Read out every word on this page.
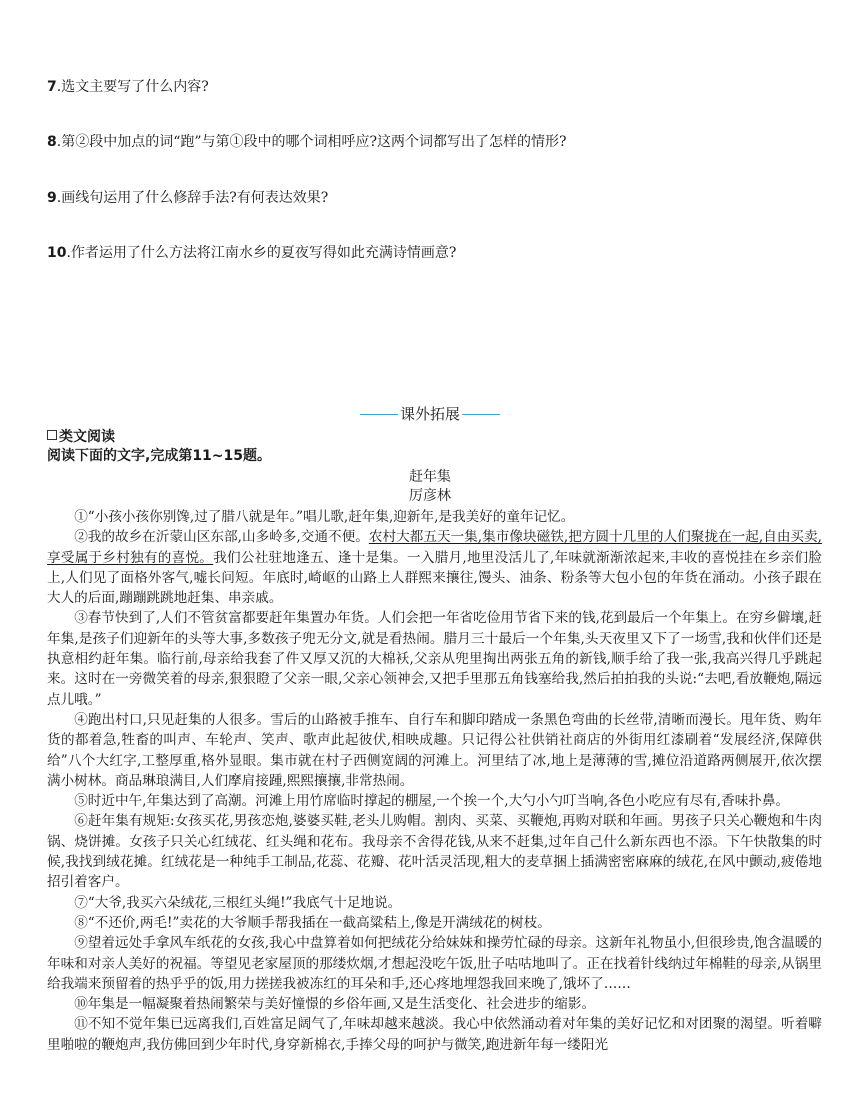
7.选文主要写了什么内容?
8.第②段中加点的词“跑”与第①段中的哪个词相呼应?这两个词都写出了怎样的情形?
9.画线句运用了什么修辞手法?有何表达效果?
10.作者运用了什么方法将江南水乡的夏夜写得如此充满诗情画意?
课外拓展
类文阅读
阅读下面的文字,完成第11~15题。
赶年集
厉彦林

①“小孩小孩你别馋,过了腊八就是年。”唱儿歌,赶年集,迎新年,是我美好的童年记忆。

②我的故乡在沂蒙山区东部,山多岭多,交通不便。农村大都五天一集,集市像块磁铁,把方圆十几里的人们聚拢在一起,自由买卖,享受属于乡村独有的喜悦。我们公社驻地逢五、逢十是集。一入腊月,地里没活儿了,年味就渐渐浓起来,丰收的喜悦挂在乡亲们脸上,人们见了面格外客气,嘘长问短。年底时,崎岖的山路上人群熙来攘往,馒头、油条、粉条等大包小包的年货在涌动。小孩子跟在大人的后面,蹦蹦跳跳地赶集、串亲戚。

③春节快到了,人们不管贫富都要赶年集置办年货。人们会把一年省吃俭用节省下来的钱,花到最后一个年集上。在穷乡僻壤,赶年集,是孩子们迎新年的头等大事,多数孩子兜无分文,就是看热闹。腊月三十最后一个年集,头天夜里又下了一场雪,我和伙伴们还是执意相约赶年集。临行前,母亲给我套了件又厚又沉的大棉袄,父亲从兜里掏出两张五角的新钱,顺手给了我一张,我高兴得几乎跳起来。这时在一旁微笑着的母亲,狠狠瞪了父亲一眼,父亲心领神会,又把手里那五角钱塞给我,然后拍拍我的头说:“去吧,看放鞭炮,隔远点儿哦。”

④跑出村口,只见赶集的人很多。雪后的山路被手推车、自行车和脚印踏成一条黑色弯曲的长丝带,清晰而漫长。甩年货、购年货的都着急,牲畜的叫声、车轮声、笑声、歌声此起彼伏,相映成趣。只记得公社供销社商店的外街用红漆刷着“发展经济,保障供给”八个大红字,工整厚重,格外显眼。集市就在村子西侧宽阔的河滩上。河里结了冰,地上是薄薄的雪,摊位沿道路两侧展开,依次摆满小树林。商品琳琅满目,人们摩肩接踵,熙熙攘攘,非常热闹。

⑤时近中午,年集达到了高潮。河滩上用竹席临时撑起的棚屋,一个挨一个,大勺小勺叮当响,各色小吃应有尽有,香味扑鼻。

⑥赶年集有规矩:女孩买花,男孩恋炮,婆婆买鞋,老头儿购帽。割肉、买菜、买鞭炮,再购对联和年画。男孩子只关心鞭炮和牛肉锅、烧饼摊。女孩子只关心红绒花、红头绳和花布。我母亲不舍得花钱,从来不赶集,过年自己什么新东西也不添。下午快散集的时候,我找到绒花摊。红绒花是一种纯手工制品,花蕊、花瓣、花叶活灵活现,粗大的麦草捆上插满密密麻麻的绒花,在风中颤动,疲倦地招引着客户。

⑦“大爷,我买六朵绒花,三根红头绳!”我底气十足地说。

⑧“不还价,两毛!”卖花的大爷顺手帮我插在一截高粱秸上,像是开满绒花的树枝。

⑨望着远处手拿风车纸花的女孩,我心中盘算着如何把绒花分给妹妹和操劳忙碌的母亲。这新年礼物虽小,但很珍贵,饱含温暖的年味和对亲人美好的祝福。等望见老家屋顶的那缕炊烟,才想起没吃午饭,肚子咕咕地叫了。正在找着针线纳过年棉鞋的母亲,从锅里给我端来预留着的热乎乎的饭,用力搓搓我被冻红的耳朵和手,还心疼地埋怨我回来晚了,饿坏了……

⑩年集是一幅凝聚着热闹繁荣与美好憧憬的乡俗年画,又是生活变化、社会进步的缩影。

⑪不知不觉年集已远离我们,百姓富足阔气了,年味却越来越淡。我心中依然涌动着对年集的美好记忆和对团聚的渴望。听着噼里啪啦的鞭炮声,我仿佛回到少年时代,身穿新棉衣,手捧父母的呵护与微笑,跑进新年每一缕阳光
